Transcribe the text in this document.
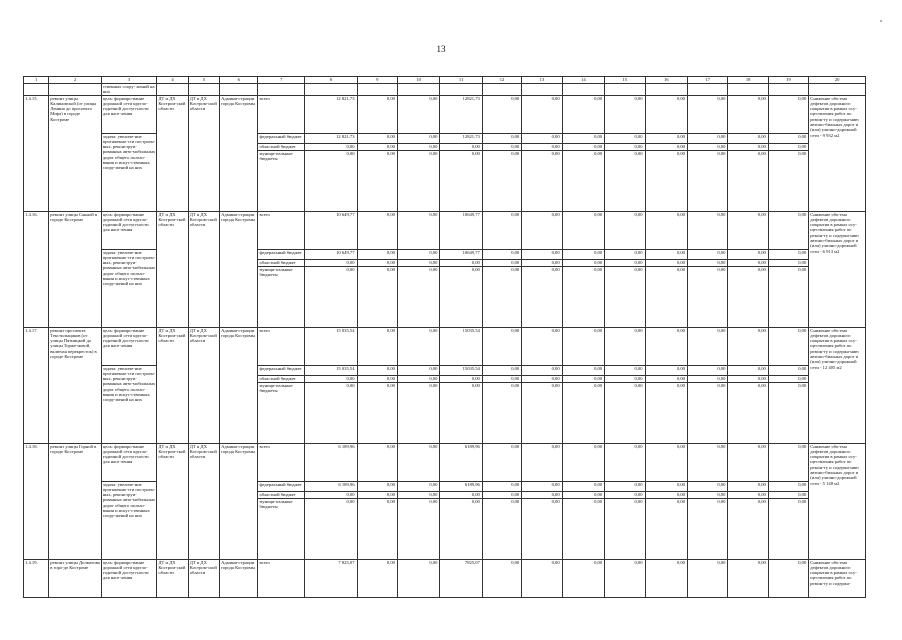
13
1	2	3	4	5	6	7	8	9	10	11	12	13	14	15	16	17	18	19	20
		ственных соору- жений на них																	
1.4.15.	ремонт улицы Калиновской (от улицы Ленина до проспекта Мира) в городе Костроме	цель: формиро-вание дорожной сети кругло-годичной доступ-ности для насе-ления	ДТ и ДХ Костром-ской области	ДТ и ДХ Костром-ской области	Админи-страции города Костромы	всего	12 821,73	0,00	0,00	12821,73	0,00	0,00	0,00	0,00	0,00	0,00	0,00	0,00	Снижение объ-ема дефектов дорожного покрытия в рамках осу-ществления работ по ремон-ту и содержа-нию автомо-бильных дорог и (или) улично-дорожной сети - 9 932 м2
		задача: увеличе-ние протяженно-сти построен-ных, реконструи-рованных авто-мобильных дорог общего пользо-вания и искус-ственных соору-жений на них				федеральный бюджет	12 821,73	0,00	0,00	12821,73	0,00	0,00	0,00	0,00	0,00	0,00	0,00	0,00	
						областной бюджет	0,00	0,00	0,00	0,00	0,00	0,00	0,00	0,00	0,00	0,00	0,00	0,00	
						муници-пальные бюджеты	0,00	0,00	0,00	0,00	0,00	0,00	0,00	0,00	0,00	0,00	0,00	0,00	
1.4.16.	ремонт улицы Санной в городе Костроме	цель: формиро-вание дорожной сети кругло-годичной доступ-ности для насе-ления	ДТ и ДХ Костром-ской области	ДТ и ДХ Костром-ской области	Админи-страции города Костромы	всего	10 649,77	0,00	0,00	10649,77	0,00	0,00	0,00	0,00	0,00	0,00	0,00	0,00	Снижение объ-ема дефектов дорожного покрытия в рамках осу-ществления работ по ремон-ту и содержа-нию автомо-бильных дорог и (или) улично-дорожной сети - 6 913 м2
		задача: увеличе-ние протяженно-сти построен-ных, реконструи-рованных авто-мобильных дорог общего пользо-вания и искус-ственных соору-жений на них				федеральный бюджет	10 649,77	0,00	0,00	10649,77	0,00	0,00	0,00	0,00	0,00	0,00	0,00	0,00	
						областной бюджет	0,00	0,00	0,00	0,00	0,00	0,00	0,00	0,00	0,00	0,00	0,00	0,00	
						муници-пальные бюджеты	0,00	0,00	0,00	0,00	0,00	0,00	0,00	0,00	0,00	0,00	0,00	0,00	
1.4.17.	ремонт проспекта Текстильщиков (от улицы Пятницкой до улицы Торже-новой, включая перекресток) в городе Костроме	цель: формиро-вание дорожной сети кругло-годичной доступ-ности для насе-ления	ДТ и ДХ Костром-ской области	ДТ и ДХ Костром-ской области	Админи-страции города Костромы	всего	15 035,54	0,00	0,00	15035,54	0,00	0,00	0,00	0,00	0,00	0,00	0,00	0,00	Снижение объ-ема дефектов дорожного покрытия в рамках осу-ществления работ по ремон-ту и содержа-нию автомо-бильных дорог и (или) улично-дорожной сети - 12 405 м2
		задача: увеличе-ние протяженно-сти построен-ных, реконструи-рованных авто-мобильных дорог общего пользо-вания и искус-ственных соору-жений на них				федеральный бюджет	15 035,54	0,00	0,00	15035,54	0,00	0,00	0,00	0,00	0,00	0,00	0,00	0,00	
						областной бюджет	0,00	0,00	0,00	0,00	0,00	0,00	0,00	0,00	0,00	0,00	0,00	0,00	
						муници-пальные бюджеты	0,00	0,00	0,00	0,00	0,00	0,00	0,00	0,00	0,00	0,00	0,00	0,00	
1.4.18.	ремонт улицы Горной в городе Костроме	цель: формиро-вание дорожной сети кругло-годичной доступ-ности для насе-ления	ДТ и ДХ Костром-ской области	ДТ и ДХ Костром-ской области	Админи-страции города Костромы	всего	6 189,96	0,00	0,00	6189,96	0,00	0,00	0,00	0,00	0,00	0,00	0,00	0,00	Снижение объ-ема дефектов дорожного покрытия в рамках осу-ществления работ по ремон-ту и содержа-нию автомо-бильных дорог и (или) улично-дорожной сети - 5 148 м2
		задача: увеличе-ние протяженно-сти построен-ных, реконструи-рованных авто-мобильных дорог общего пользо-вания и искус-ственных соору-жений на них				федеральный бюджет	6 189,96	0,00	0,00	6189,96	0,00	0,00	0,00	0,00	0,00	0,00	0,00	0,00	
						областной бюджет	0,00	0,00	0,00	0,00	0,00	0,00	0,00	0,00	0,00	0,00	0,00	0,00	
						муници-пальные бюджеты	0,00	0,00	0,00	0,00	0,00	0,00	0,00	0,00	0,00	0,00	0,00	0,00	
1.4.19.	ремонт улицы Долматова в горо-де Костроме	цель: формиро-вание дорожной сети кругло-годичной доступ-ности для насе-ления	ДТ и ДХ Костром-ской области	ДТ и ДХ Костром-ской области	Админи-страции города Костромы	всего	7 825,07	0,00	0,00	7825,07	0,00	0,00	0,00	0,00	0,00	0,00	0,00	0,00	Снижение объ-ема дефектов дорожного покрытия в рамках осу-ществления работ по ремон-ту и содержа-
